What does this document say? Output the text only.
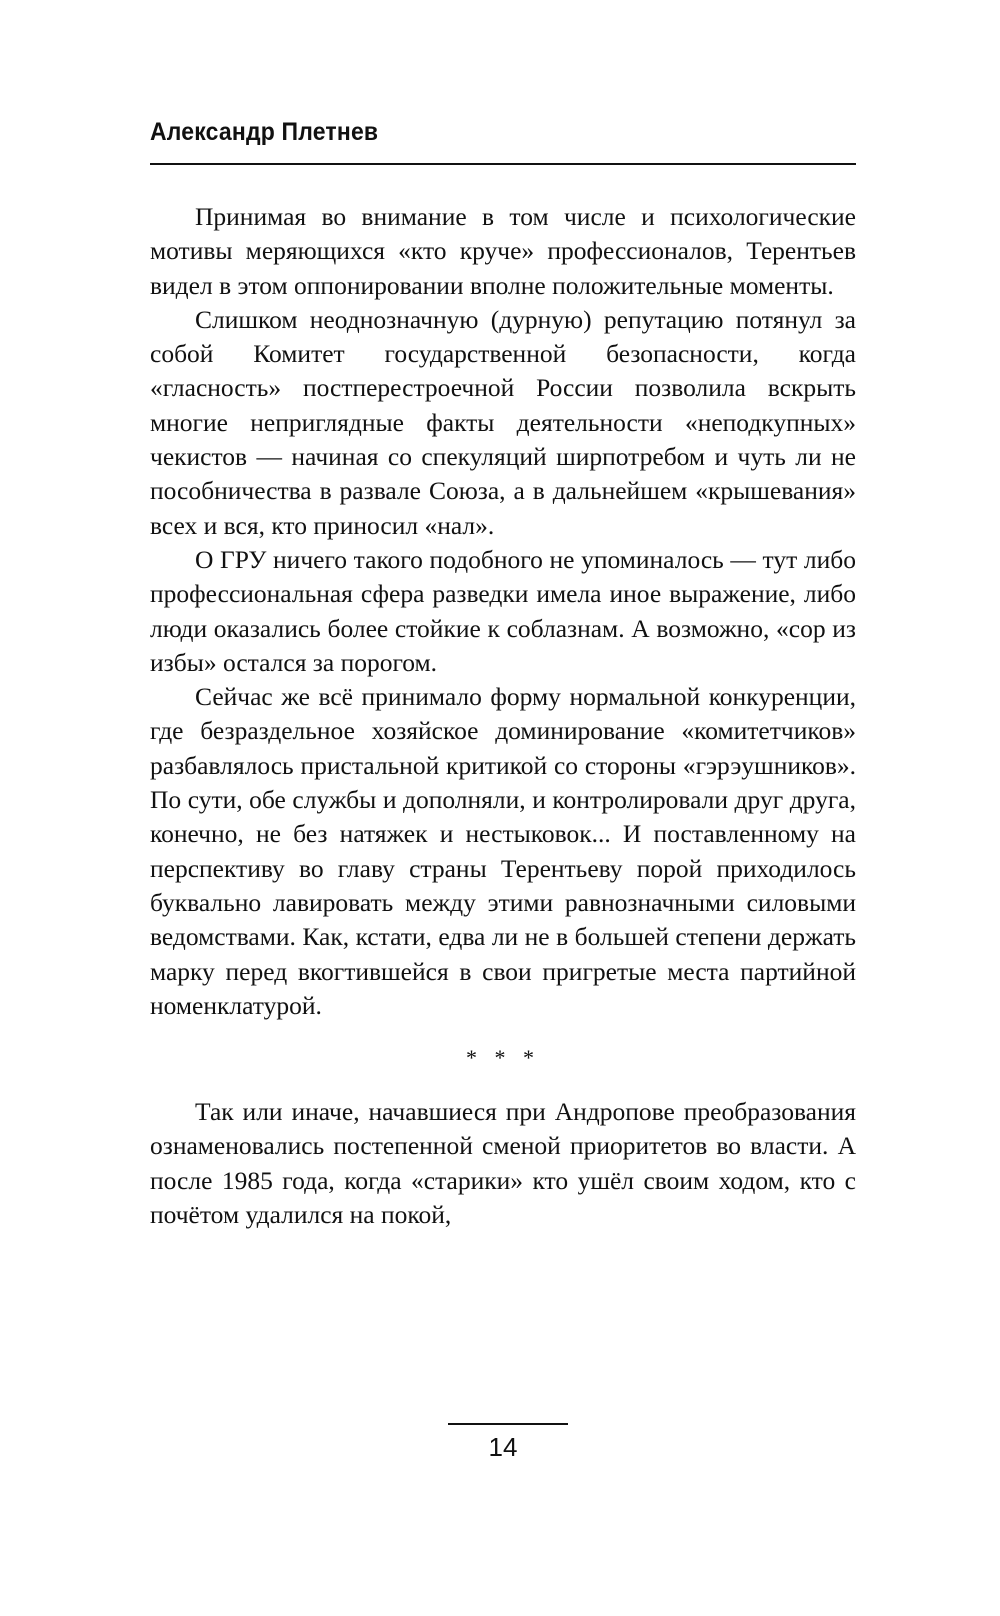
Александр Плетнев

Принимая во внимание в том числе и психологические мотивы меряющихся «кто круче» профессионалов, Терентьев видел в этом оппонировании вполне положительные моменты.

Слишком неоднозначную (дурную) репутацию потянул за собой Комитет государственной безопасности, когда «гласность» постперестроечной России позволила вскрыть многие неприглядные факты деятельности «неподкупных» чекистов — начиная со спекуляций ширпотребом и чуть ли не пособничества в развале Союза, а в дальнейшем «крышевания» всех и вся, кто приносил «нал».

О ГРУ ничего такого подобного не упоминалось — тут либо профессиональная сфера разведки имела иное выражение, либо люди оказались более стойкие к соблазнам. А возможно, «сор из избы» остался за порогом.

Сейчас же всё принимало форму нормальной конкуренции, где безраздельное хозяйское доминирование «комитетчиков» разбавлялось пристальной критикой со стороны «гэрэушников». По сути, обе службы и дополняли, и контролировали друг друга, конечно, не без натяжек и нестыковок... И поставленному на перспективу во главу страны Терентьеву порой приходилось буквально лавировать между этими равнозначными силовыми ведомствами. Как, кстати, едва ли не в большей степени держать марку перед вкогтившейся в свои пригретые места партийной номенклатурой.

* * *

Так или иначе, начавшиеся при Андропове преобразования ознаменовались постепенной сменой приоритетов во власти. А после 1985 года, когда «старики» кто ушёл своим ходом, кто с почётом удалился на покой,

14
